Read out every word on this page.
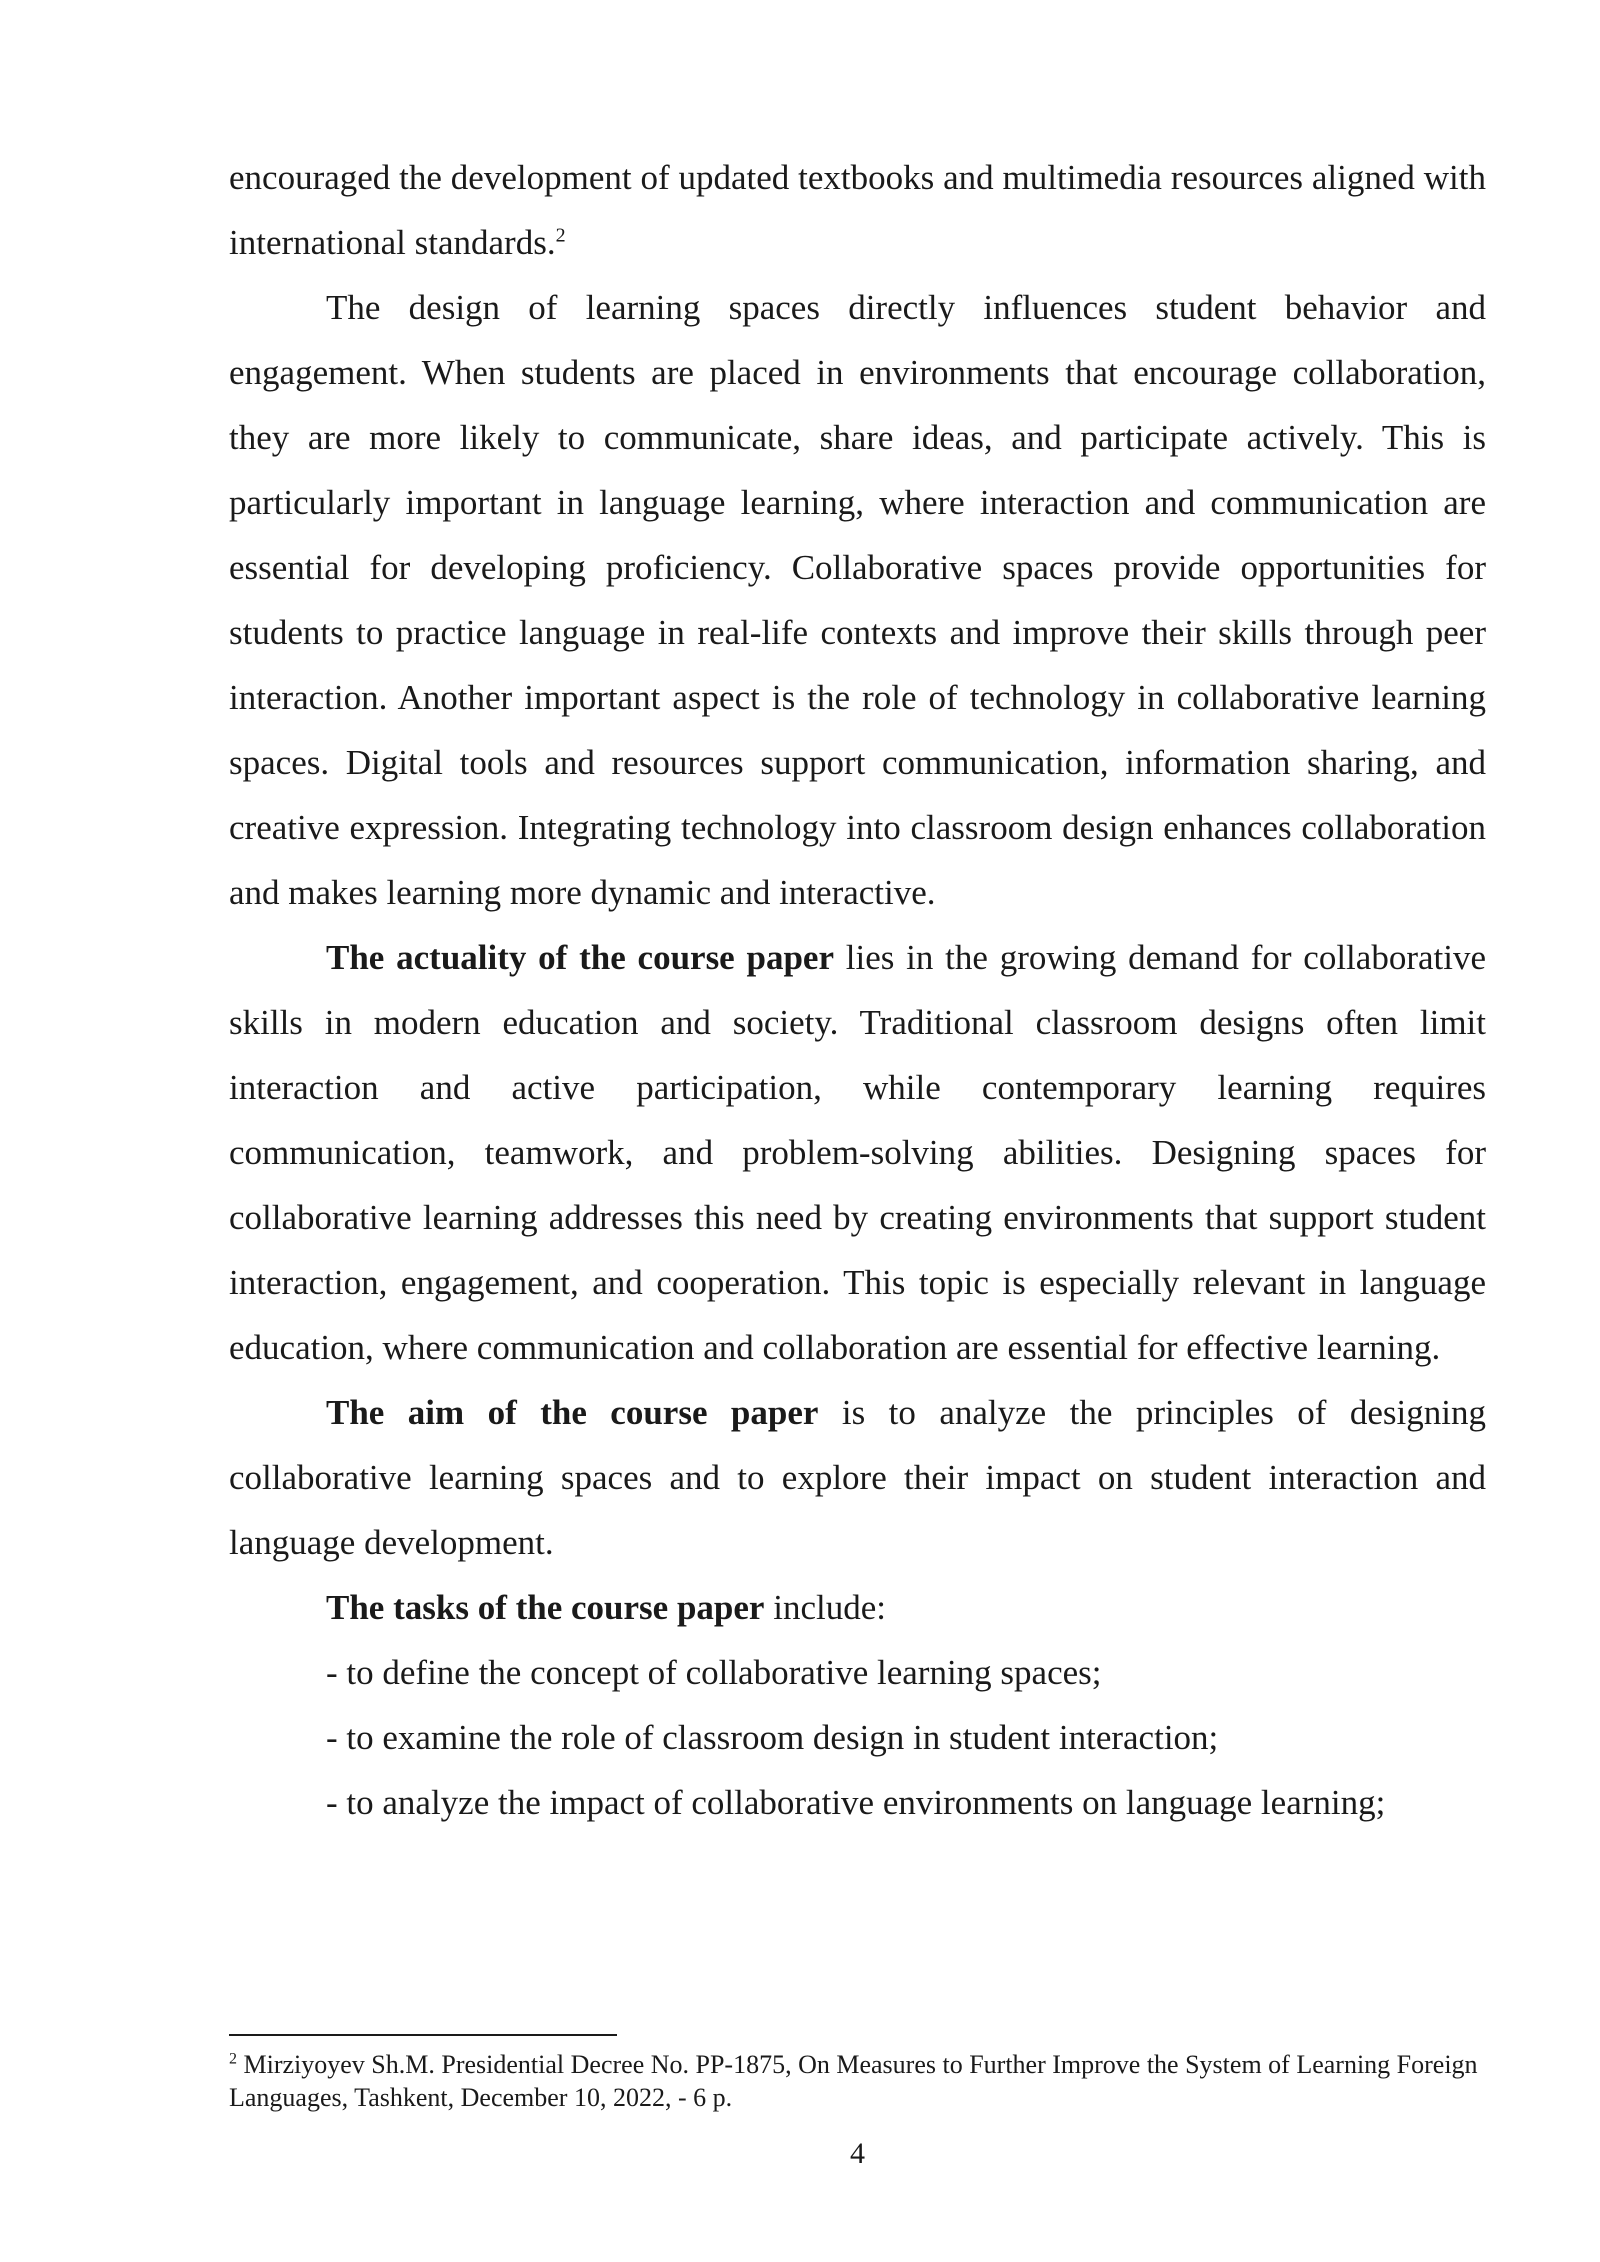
encouraged the development of updated textbooks and multimedia resources aligned with international standards.$^2$

The design of learning spaces directly influences student behavior and engagement. When students are placed in environments that encourage collaboration, they are more likely to communicate, share ideas, and participate actively. This is particularly important in language learning, where interaction and communication are essential for developing proficiency. Collaborative spaces provide opportunities for students to practice language in real-life contexts and improve their skills through peer interaction. Another important aspect is the role of technology in collaborative learning spaces. Digital tools and resources support communication, information sharing, and creative expression. Integrating technology into classroom design enhances collaboration and makes learning more dynamic and interactive.

The actuality of the course paper lies in the growing demand for collaborative skills in modern education and society. Traditional classroom designs often limit interaction and active participation, while contemporary learning requires communication, teamwork, and problem-solving abilities. Designing spaces for collaborative learning addresses this need by creating environments that support student interaction, engagement, and cooperation. This topic is especially relevant in language education, where communication and collaboration are essential for effective learning.

The aim of the course paper is to analyze the principles of designing collaborative learning spaces and to explore their impact on student interaction and language development.

The tasks of the course paper include:

- to define the concept of collaborative learning spaces;

- to examine the role of classroom design in student interaction;

- to analyze the impact of collaborative environments on language learning;

$^2$ Mirziyoyev Sh.M. Presidential Decree No. PP-1875, On Measures to Further Improve the System of Learning Foreign Languages, Tashkent, December 10, 2022, - 6 p.
4
